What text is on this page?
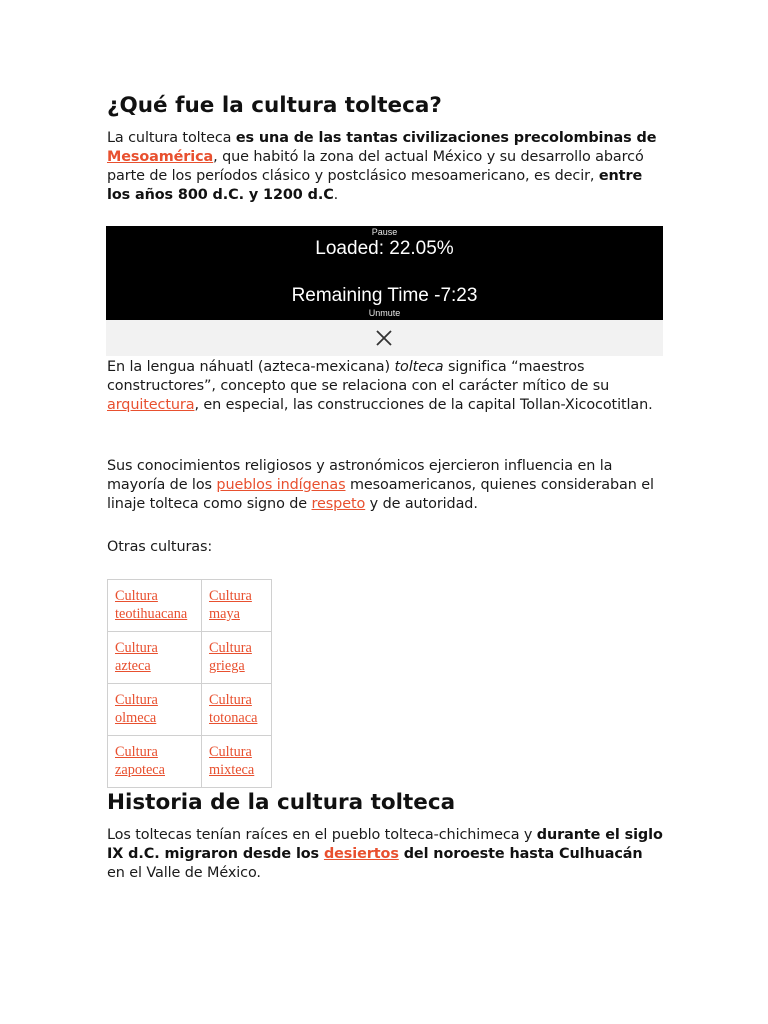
¿Qué fue la cultura tolteca?

La cultura tolteca es una de las tantas civilizaciones precolombinas de Mesoamérica, que habitó la zona del actual México y su desarrollo abarcó parte de los períodos clásico y postclásico mesoamericano, es decir, entre los años 800 d.C. y 1200 d.C.

Pause
Loaded: 22.05%
Remaining Time -7:23
Unmute

En la lengua náhuatl (azteca-mexicana) tolteca significa “maestros constructores”, concepto que se relaciona con el carácter mítico de su arquitectura, en especial, las construcciones de la capital Tollan-Xicocotitlan.

Sus conocimientos religiosos y astronómicos ejercieron influencia en la mayoría de los pueblos indígenas mesoamericanos, quienes consideraban el linaje tolteca como signo de respeto y de autoridad.

Otras culturas:

Cultura teotihuacana	Cultura maya
Cultura azteca	Cultura griega
Cultura olmeca	Cultura totonaca
Cultura zapoteca	Cultura mixteca
Historia de la cultura tolteca

Los toltecas tenían raíces en el pueblo tolteca-chichimeca y durante el siglo IX d.C. migraron desde los desiertos del noroeste hasta Culhuacán en el Valle de México.
